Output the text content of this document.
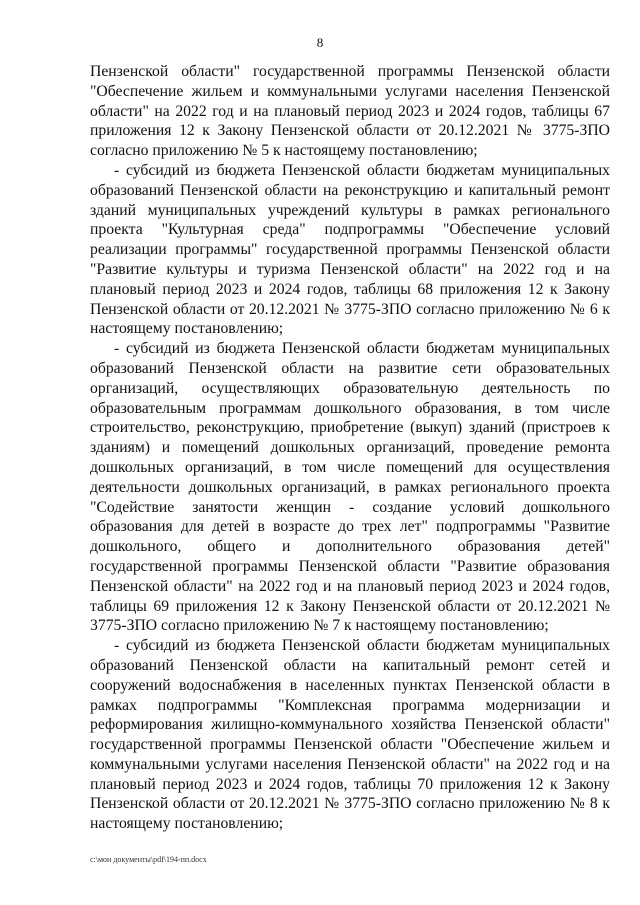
8

Пензенской области" государственной программы Пензенской области "Обеспечение жильем и коммунальными услугами населения Пензенской области" на 2022 год и на плановый период 2023 и 2024 годов, таблицы 67 приложения 12 к Закону Пензенской области от 20.12.2021 № 3775-ЗПО согласно приложению № 5 к настоящему постановлению;

- субсидий из бюджета Пензенской области бюджетам муниципальных образований Пензенской области на реконструкцию и капитальный ремонт зданий муниципальных учреждений культуры в рамках регионального проекта "Культурная среда" подпрограммы "Обеспечение условий реализации программы" государственной программы Пензенской области "Развитие культуры и туризма Пензенской области" на 2022 год и на плановый период 2023 и 2024 годов, таблицы 68 приложения 12 к Закону Пензенской области от 20.12.2021 № 3775-ЗПО согласно приложению № 6 к настоящему постановлению;

- субсидий из бюджета Пензенской области бюджетам муниципальных образований Пензенской области на развитие сети образовательных организаций, осуществляющих образовательную деятельность по образовательным программам дошкольного образования, в том числе строительство, реконструкцию, приобретение (выкуп) зданий (пристроев к зданиям) и помещений дошкольных организаций, проведение ремонта дошкольных организаций, в том числе помещений для осуществления деятельности дошкольных организаций, в рамках регионального проекта "Содействие занятости женщин - создание условий дошкольного образования для детей в возрасте до трех лет" подпрограммы "Развитие дошкольного, общего и дополнительного образования детей" государственной программы Пензенской области "Развитие образования Пензенской области" на 2022 год и на плановый период 2023 и 2024 годов, таблицы 69 приложения 12 к Закону Пензенской области от 20.12.2021 № 3775-ЗПО согласно приложению № 7 к настоящему постановлению;

- субсидий из бюджета Пензенской области бюджетам муниципальных образований Пензенской области на капитальный ремонт сетей и сооружений водоснабжения в населенных пунктах Пензенской области в рамках подпрограммы "Комплексная программа модернизации и реформирования жилищно-коммунального хозяйства Пензенской области" государственной программы Пензенской области "Обеспечение жильем и коммунальными услугами населения Пензенской области" на 2022 год и на плановый период 2023 и 2024 годов, таблицы 70 приложения 12 к Закону Пензенской области от 20.12.2021 № 3775-ЗПО согласно приложению № 8 к настоящему постановлению;

c:\мои документы\pdf\194-пп.docx
